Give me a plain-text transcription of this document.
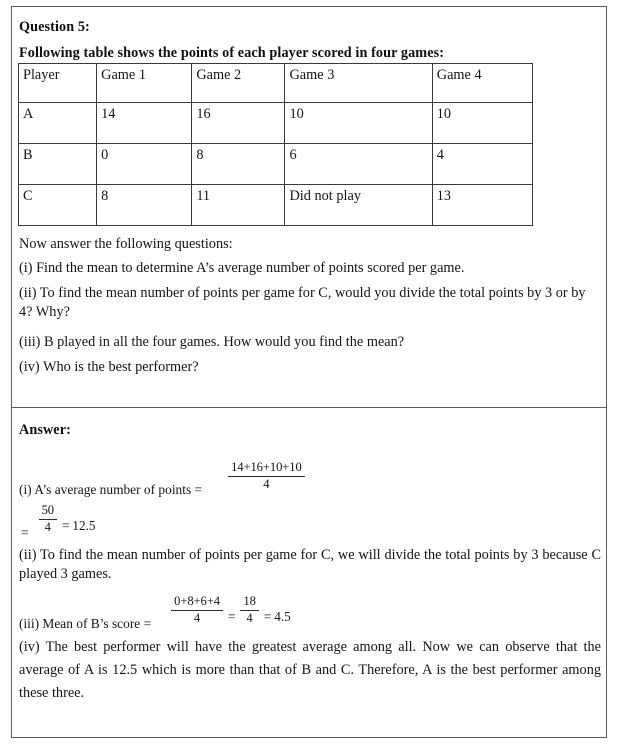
Question 5:
Following table shows the points of each player scored in four games:
Player	Game 1	Game 2	Game 3	Game 4
A	14	16	10	10
B	0	8	6	4
C	8	11	Did not play	13
Now answer the following questions:
(i) Find the mean to determine A’s average number of points scored per game.
(ii) To find the mean number of points per game for C, would you divide the total points by 3 or by 4? Why?
(iii) B played in all the four games. How would you find the mean?
(iv) Who is the best performer?
Answer:
(i) A’s average number of points = $\frac{14+16+10+10}{4}$
= $\frac{50}{4} = 12.5$
(ii) To find the mean number of points per game for C, we will divide the total points by 3 because C played 3 games.
(iii) Mean of B’s score = $\frac{0+8+6+4}{4} = \frac{18}{4} = 4.5$
(iv) The best performer will have the greatest average among all. Now we can observe that the average of A is 12.5 which is more than that of B and C. Therefore, A is the best performer among these three.
